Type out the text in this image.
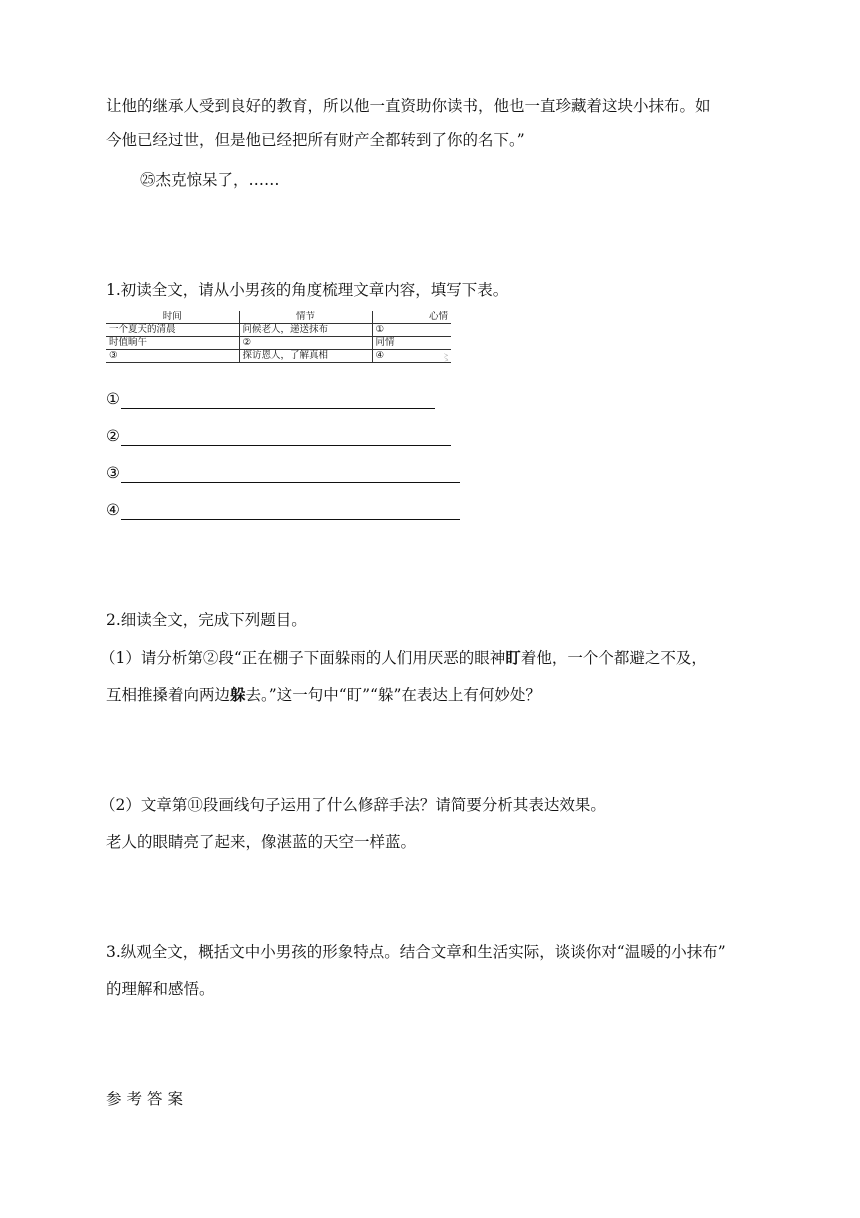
让他的继承人受到良好的教育，所以他一直资助你读书，他也一直珍藏着这块小抹布。如
今他已经过世，但是他已经把所有财产全都转到了你的名下。”
㉕杰克惊呆了，……
1.初读全文，请从小男孩的角度梳理文章内容，填写下表。
时间	情节	心情
一个夏天的清晨	问候老人，递送抹布	①
时值晌午	②	同情
③	探访恩人，了解真相	④	〻
①
②
③
④
2.细读全文，完成下列题目。
（1）请分析第②段“正在棚子下面躲雨的人们用厌恶的眼神盯着他，一个个都避之不及，
互相推搡着向两边躲去。”这一句中“盯”“躲”在表达上有何妙处？
（2）文章第⑪段画线句子运用了什么修辞手法？请简要分析其表达效果。
老人的眼睛亮了起来，像湛蓝的天空一样蓝。
3.纵观全文，概括文中小男孩的形象特点。结合文章和生活实际，谈谈你对“温暖的小抹布”
的理解和感悟。
参考答案
